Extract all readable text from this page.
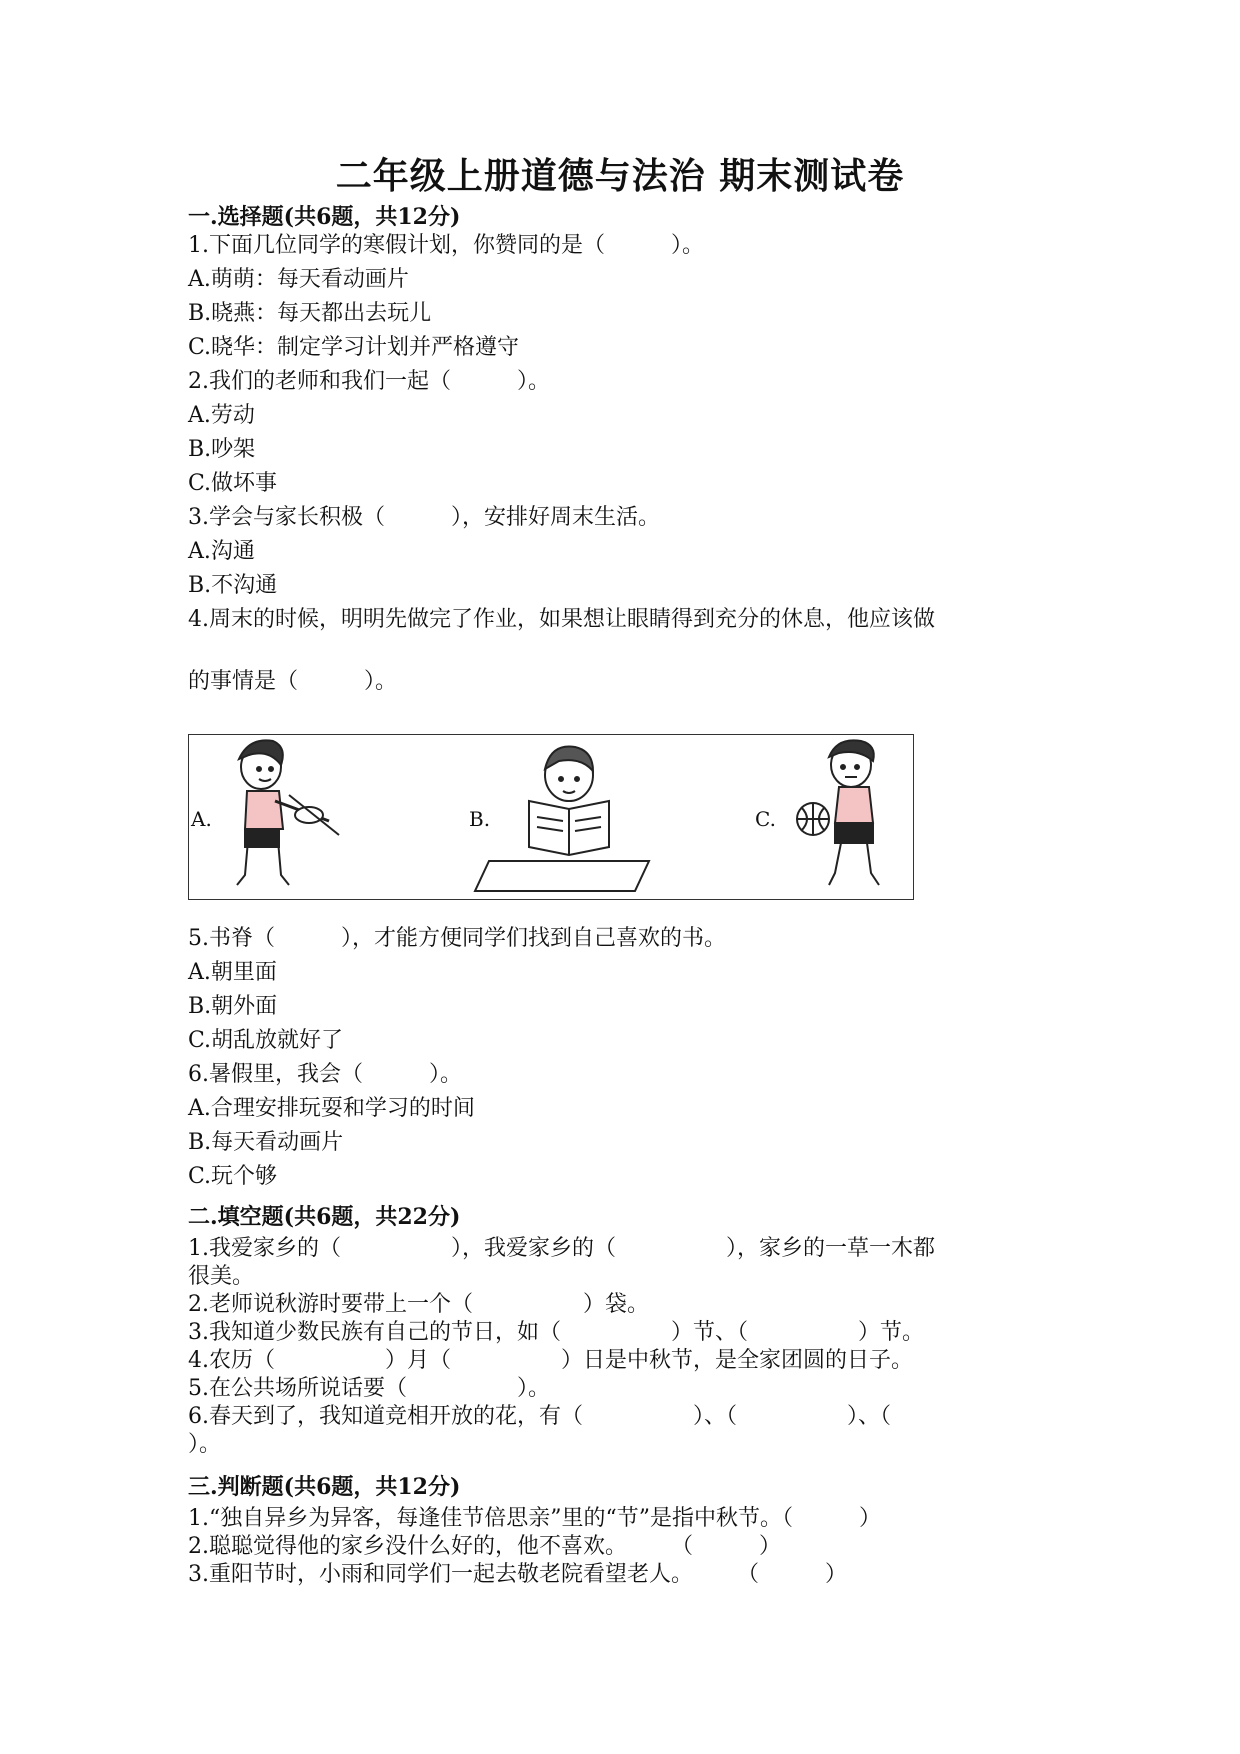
二年级上册道德与法治 期末测试卷
一.选择题(共6题，共12分)
1.下面几位同学的寒假计划，你赞同的是（　　　）。
A.萌萌：每天看动画片
B.晓燕：每天都出去玩儿
C.晓华：制定学习计划并严格遵守
2.我们的老师和我们一起（　　　）。
A.劳动
B.吵架
C.做坏事
3.学会与家长积极（　　　），安排好周末生活。
A.沟通
B.不沟通
4.周末的时候，明明先做完了作业，如果想让眼睛得到充分的休息，他应该做
的事情是（　　　）。
A.	B.	C.
5.书脊（　　　），才能方便同学们找到自己喜欢的书。
A.朝里面
B.朝外面
C.胡乱放就好了
6.暑假里，我会（　　　）。
A.合理安排玩耍和学习的时间
B.每天看动画片
C.玩个够
二.填空题(共6题，共22分)
1.我爱家乡的（　　　　　），我爱家乡的（　　　　　），家乡的一草一木都
很美。
2.老师说秋游时要带上一个（　　　　　）袋。
3.我知道少数民族有自己的节日，如（　　　　　）节、（　　　　　）节。
4.农历（　　　　　）月（　　　　　）日是中秋节，是全家团圆的日子。
5.在公共场所说话要（　　　　　）。
6.春天到了，我知道竞相开放的花，有（　　　　　）、（　　　　　）、（
）。
三.判断题(共6题，共12分)
1.“独自异乡为异客，每逢佳节倍思亲”里的“节”是指中秋节。（　　　）
2.聪聪觉得他的家乡没什么好的，他不喜欢。　　　（　　　）
3.重阳节时，小雨和同学们一起去敬老院看望老人。　　　（　　　）
